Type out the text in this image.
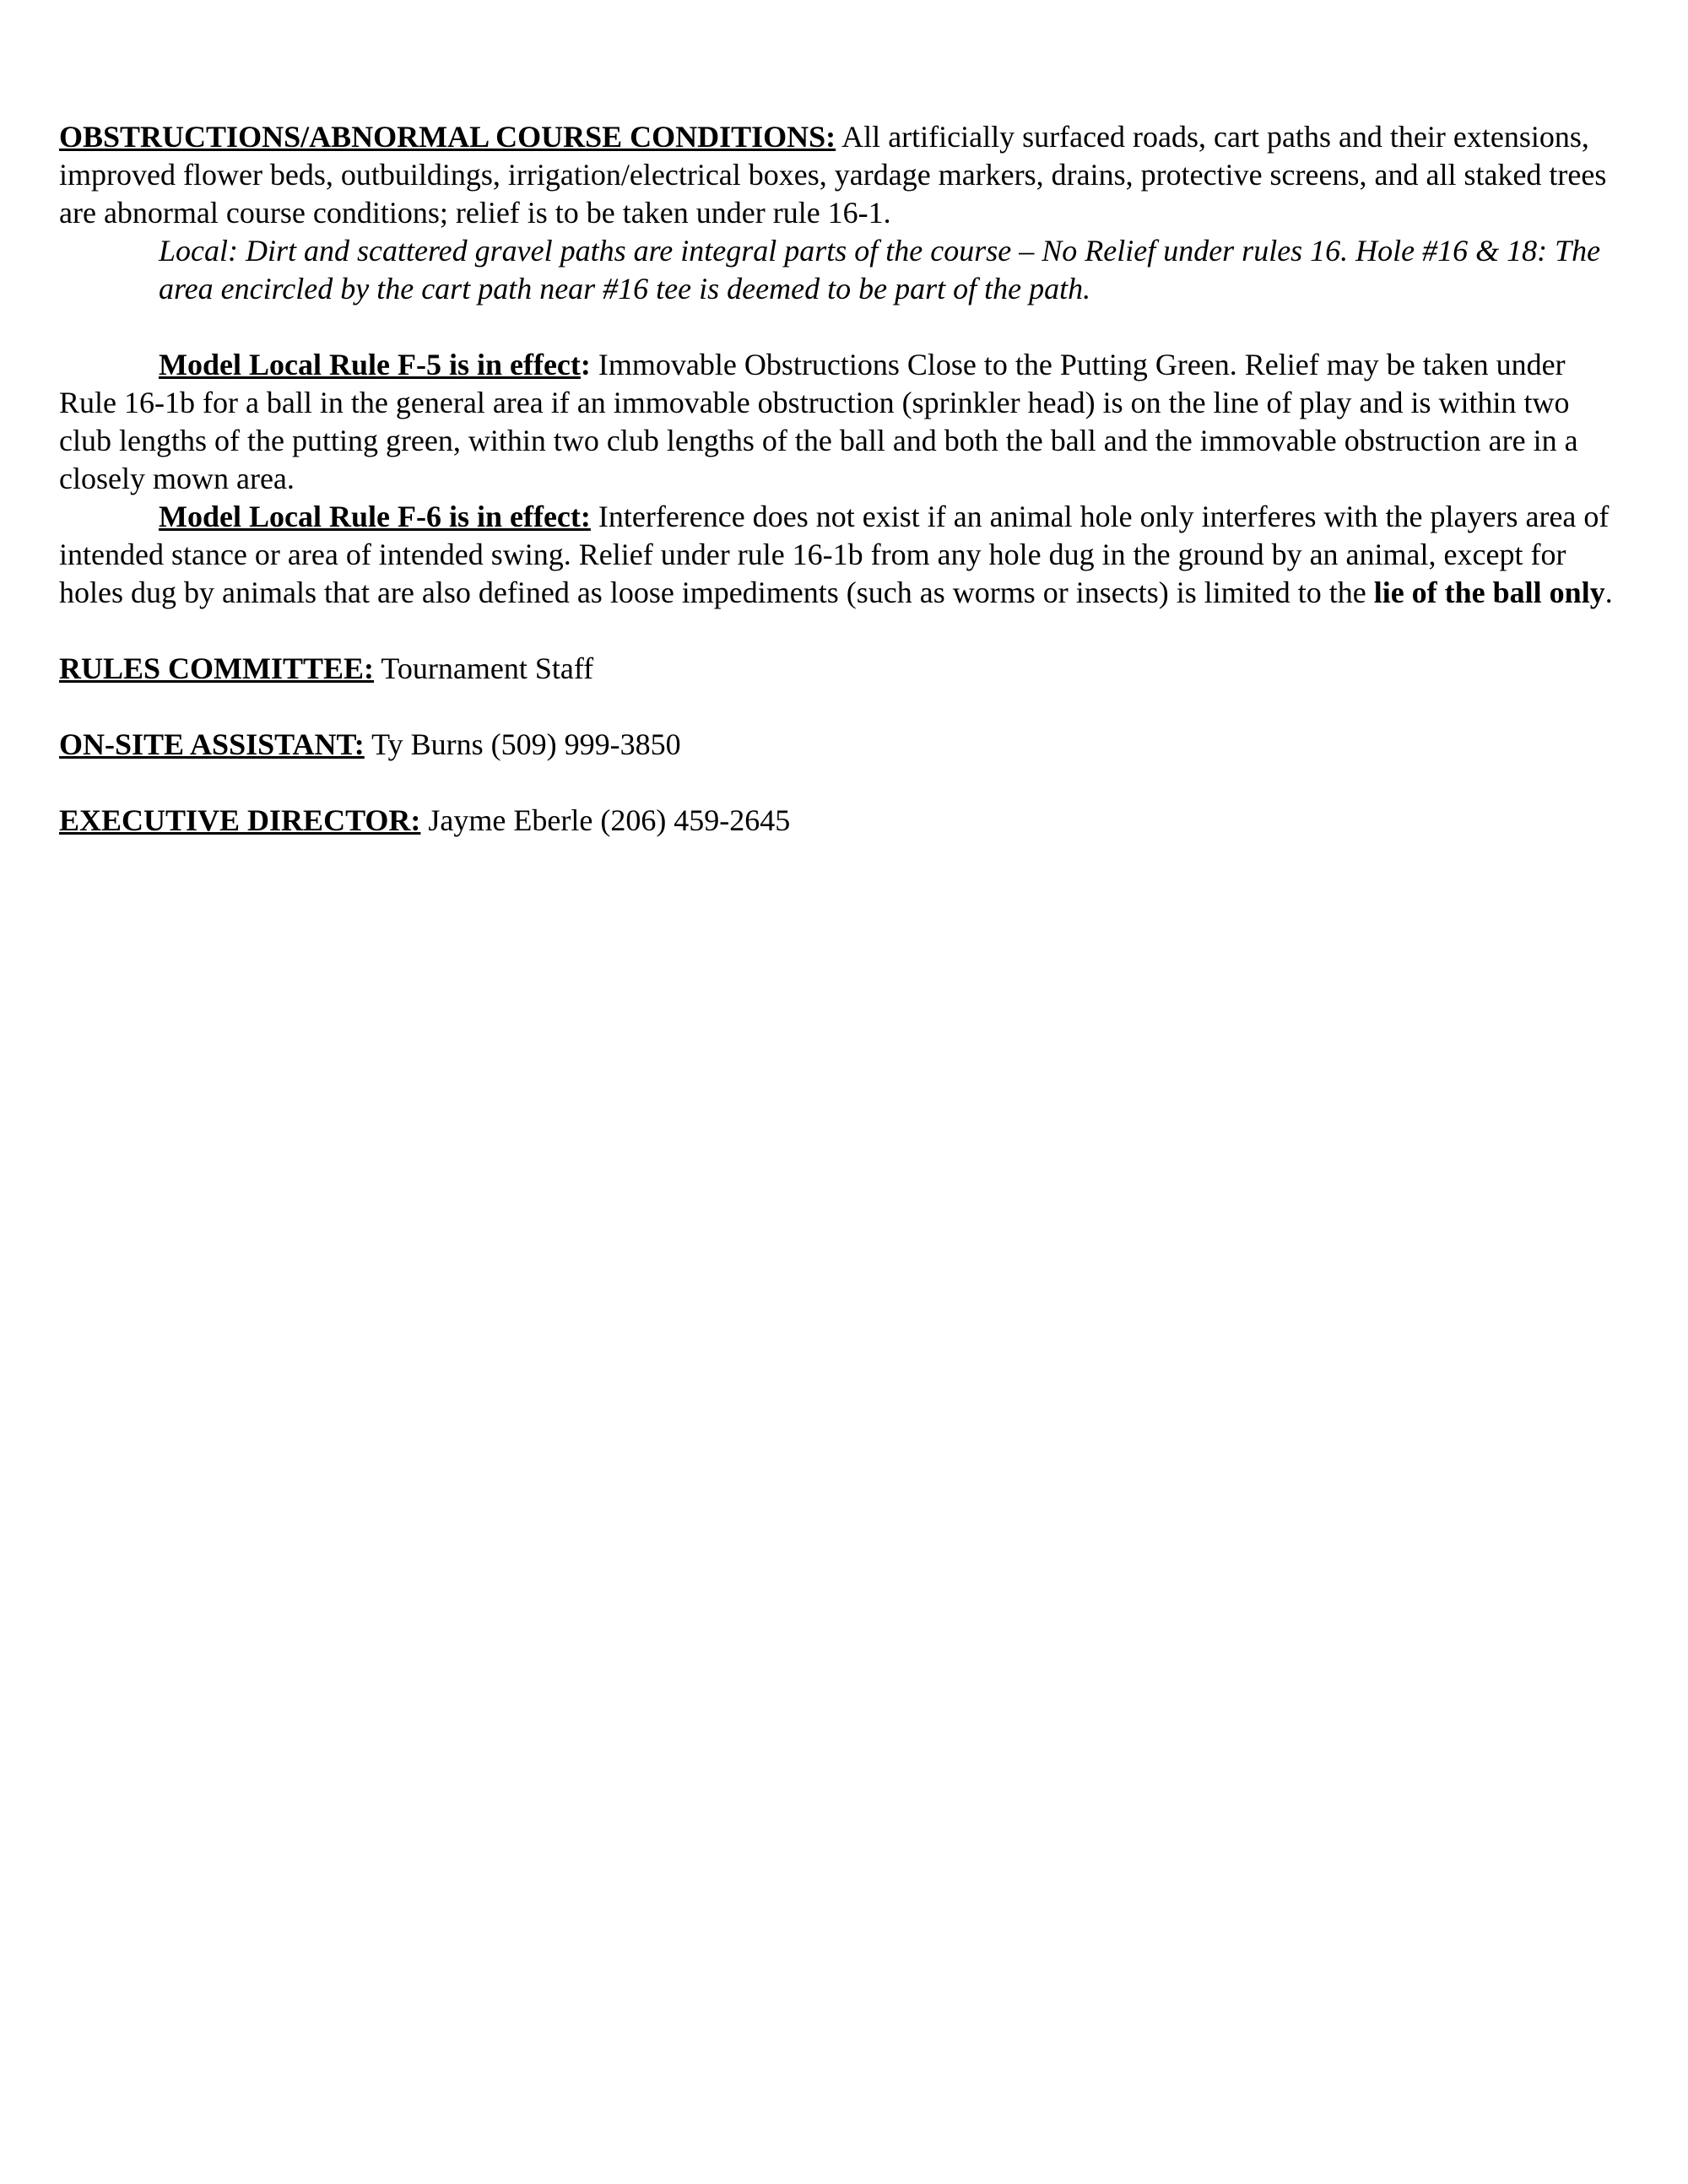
OBSTRUCTIONS/ABNORMAL COURSE CONDITIONS: All artificially surfaced roads, cart paths and their extensions, improved flower beds, outbuildings, irrigation/electrical boxes, yardage markers, drains, protective screens, and all staked trees are abnormal course conditions; relief is to be taken under rule 16-1.

Local: Dirt and scattered gravel paths are integral parts of the course – No Relief under rules 16. Hole #16 & 18: The area encircled by the cart path near #16 tee is deemed to be part of the path.

Model Local Rule F-5 is in effect: Immovable Obstructions Close to the Putting Green. Relief may be taken under Rule 16-1b for a ball in the general area if an immovable obstruction (sprinkler head) is on the line of play and is within two club lengths of the putting green, within two club lengths of the ball and both the ball and the immovable obstruction are in a closely mown area.

Model Local Rule F-6 is in effect: Interference does not exist if an animal hole only interferes with the players area of intended stance or area of intended swing. Relief under rule 16-1b from any hole dug in the ground by an animal, except for holes dug by animals that are also defined as loose impediments (such as worms or insects) is limited to the lie of the ball only.

RULES COMMITTEE: Tournament Staff

ON-SITE ASSISTANT: Ty Burns (509) 999-3850

EXECUTIVE DIRECTOR: Jayme Eberle (206) 459-2645
